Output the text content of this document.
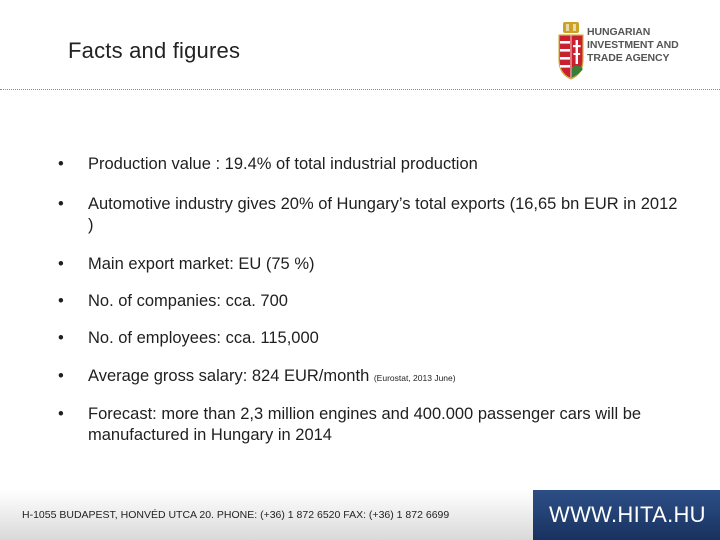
Facts and figures
HUNGARIAN
INVESTMENT AND
TRADE AGENCY
•	Production value : 19.4% of total industrial production
•	Automotive industry gives 20% of Hungary’s total exports (16,65 bn EUR in 2012 )
•	Main export market: EU (75 %)
•	No. of companies: cca. 700
•	No. of employees: cca. 115,000
•	Average gross salary: 824 EUR/month (Eurostat, 2013 June)
•	Forecast: more than 2,3 million engines and 400.000 passenger cars will be manufactured in Hungary in 2014
H-1055 BUDAPEST, HONVÉD UTCA 20. PHONE: (+36) 1 872 6520 FAX: (+36) 1 872 6699	WWW.HITA.HU
